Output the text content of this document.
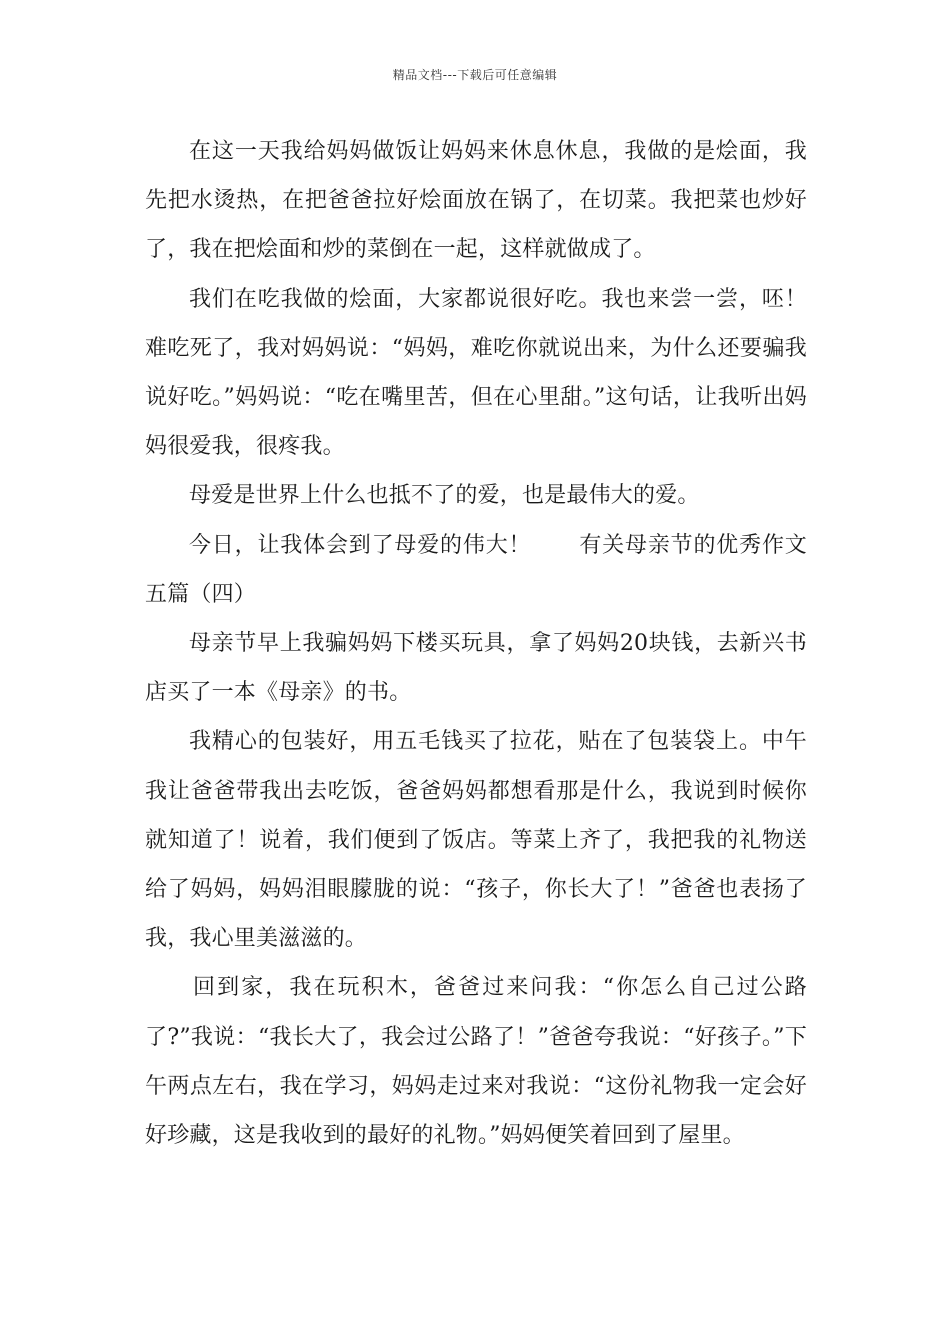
精品文档---下载后可任意编辑

在这一天我给妈妈做饭让妈妈来休息休息，我做的是烩面，我先把水烫热，在把爸爸拉好烩面放在锅了，在切菜。我把菜也炒好了，我在把烩面和炒的菜倒在一起，这样就做成了。

我们在吃我做的烩面，大家都说很好吃。我也来尝一尝，呸！难吃死了，我对妈妈说：“妈妈，难吃你就说出来，为什么还要骗我说好吃。”妈妈说：“吃在嘴里苦，但在心里甜。”这句话，让我听出妈妈很爱我，很疼我。

母爱是世界上什么也抵不了的爱，也是最伟大的爱。

今日，让我体会到了母爱的伟大！ 有关母亲节的优秀作文五篇（四）

母亲节早上我骗妈妈下楼买玩具，拿了妈妈20块钱，去新兴书店买了一本《母亲》的书。

我精心的包装好，用五毛钱买了拉花，贴在了包装袋上。中午我让爸爸带我出去吃饭，爸爸妈妈都想看那是什么，我说到时候你就知道了！说着，我们便到了饭店。等菜上齐了，我把我的礼物送给了妈妈，妈妈泪眼朦胧的说：“孩子，你长大了！”爸爸也表扬了我，我心里美滋滋的。

回到家，我在玩积木，爸爸过来问我：“你怎么自己过公路了?”我说：“我长大了，我会过公路了！”爸爸夸我说：“好孩子。”下午两点左右，我在学习，妈妈走过来对我说：“这份礼物我一定会好好珍藏，这是我收到的最好的礼物。”妈妈便笑着回到了屋里。
